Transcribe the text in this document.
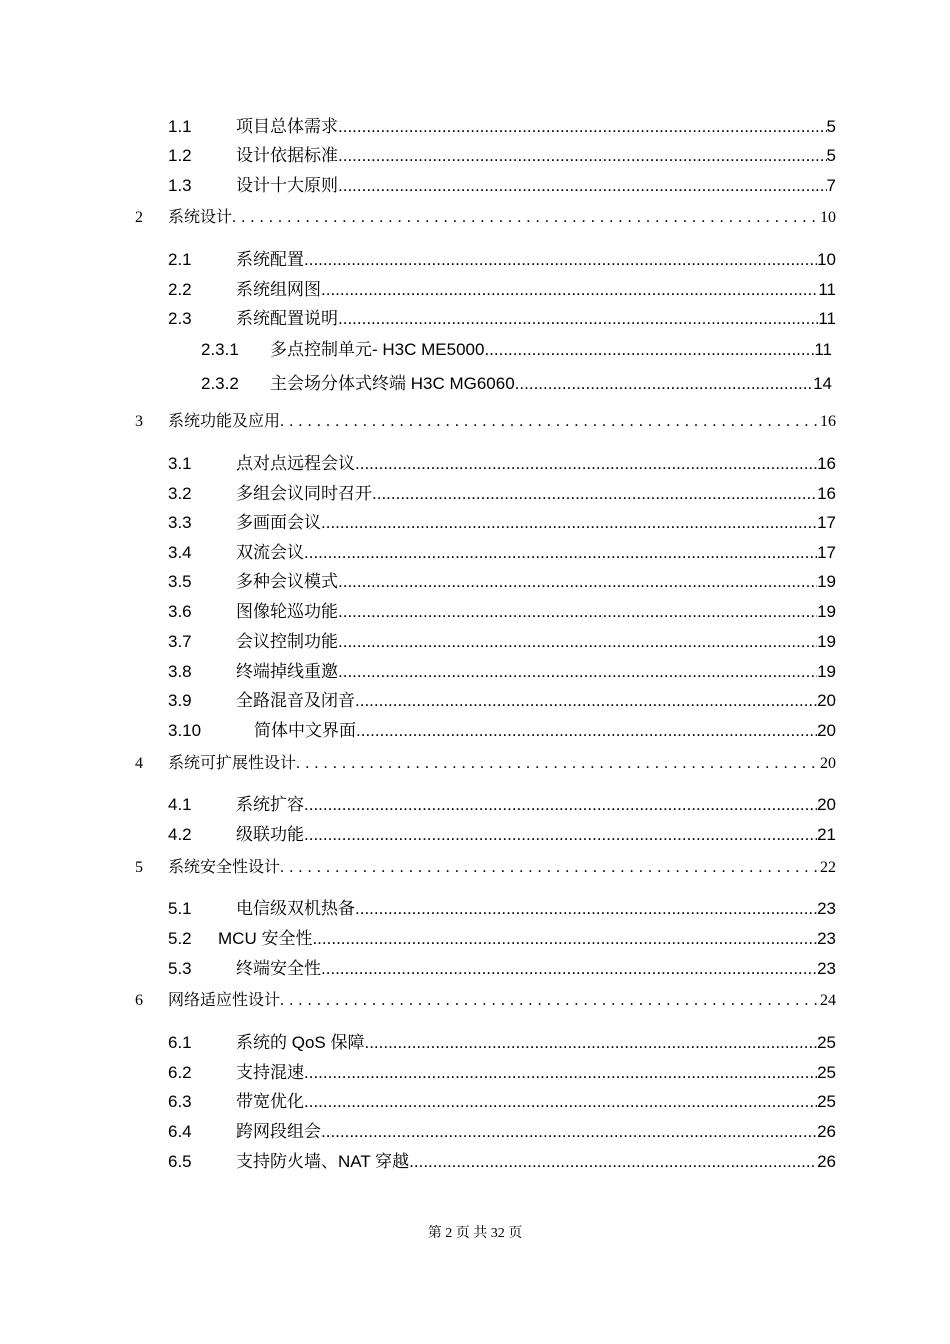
1.1	项目总体需求 .....	5
1.2	设计依据标准 .....	5
1.3	设计十大原则 .....	7
2	系统设计 . . .	10
2.1	系统配置 .....	10
2.2	系统组网图 .....	11
2.3	系统配置说明 .....	11
2.3.1	多点控制单元- H3C ME5000 .....	11
2.3.2	主会场分体式终端 H3C MG6060 .....	14
3	系统功能及应用 . . .	16
3.1	点对点远程会议 .....	16
3.2	多组会议同时召开 .....	16
3.3	多画面会议 .....	17
3.4	双流会议 .....	17
3.5	多种会议模式 .....	19
3.6	图像轮巡功能 .....	19
3.7	会议控制功能 .....	19
3.8	终端掉线重邀 .....	19
3.9	全路混音及闭音 .....	20
3.10	简体中文界面 .....	20
4	系统可扩展性设计 . . .	20
4.1	系统扩容 .....	20
4.2	级联功能 .....	21
5	系统安全性设计 . . .	22
5.1	电信级双机热备 .....	23
5.2	MCU 安全性 .....	23
5.3	终端安全性 .....	23
6	网络适应性设计 . . .	24
6.1	系统的 QoS 保障 .....	25
6.2	支持混速 .....	25
6.3	带宽优化 .....	25
6.4	跨网段组会 .....	26
6.5	支持防火墙、NAT 穿越 .....	26
第 2 页 共 32 页
